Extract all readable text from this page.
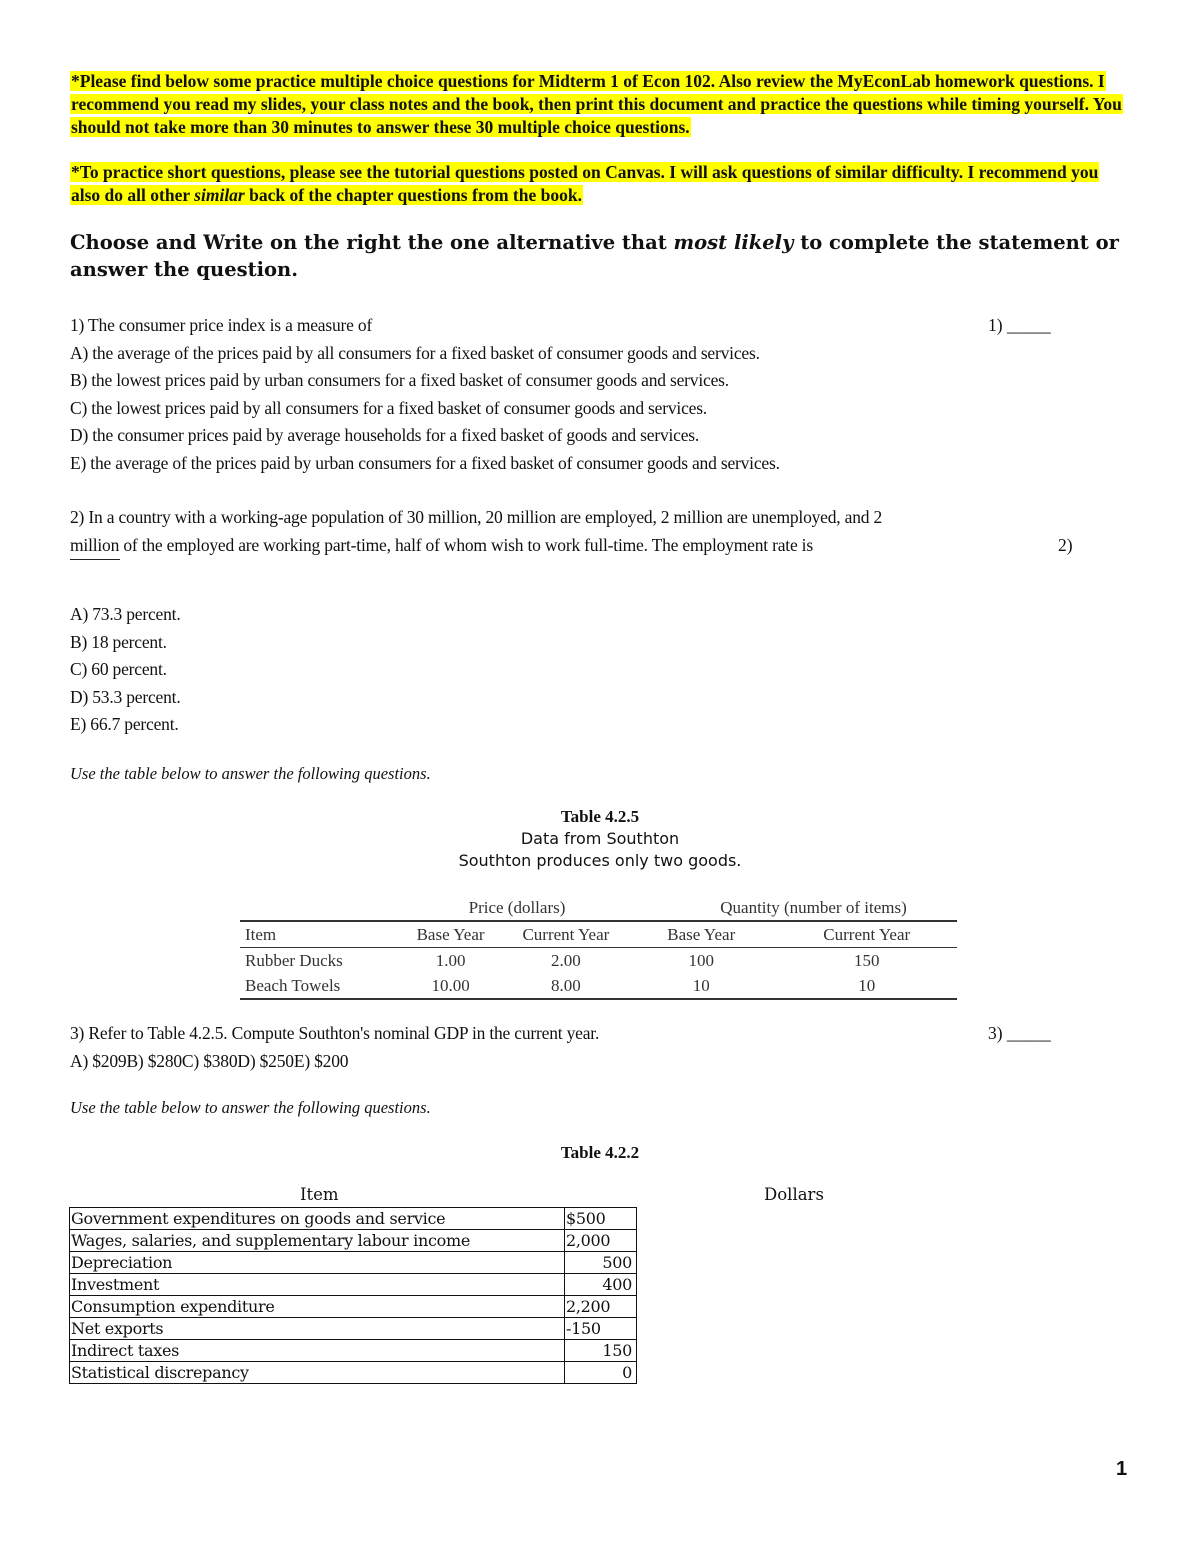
*Please find below some practice multiple choice questions for Midterm 1 of Econ 102. Also review the MyEconLab homework questions. I recommend you read my slides, your class notes and the book, then print this document and practice the questions while timing yourself. You should not take more than 30 minutes to answer these 30 multiple choice questions.
*To practice short questions, please see the tutorial questions posted on Canvas. I will ask questions of similar difficulty. I recommend you also do all other similar back of the chapter questions from the book.
Choose and Write on the right the one alternative that most likely to complete the statement or answer the question.

1) The consumer price index is a measure of

A) the average of the prices paid by all consumers for a fixed basket of consumer goods and services.

B) the lowest prices paid by urban consumers for a fixed basket of consumer goods and services.

C) the lowest prices paid by all consumers for a fixed basket of consumer goods and services.

D) the consumer prices paid by average households for a fixed basket of goods and services.

E) the average of the prices paid by urban consumers for a fixed basket of consumer goods and services.

1) _____

2) In a country with a working-age population of 30 million, 20 million are employed, 2 million are unemployed, and 2

million of the employed are working part-time, half of whom wish to work full-time. The employment rate is	2)

A) 73.3 percent.

B) 18 percent.

C) 60 percent.

D) 53.3 percent.

E) 66.7 percent.

Use the table below to answer the following questions.
Table 4.2.5
Data from Southton
Southton produces only two goods.
Price (dollars)	Quantity (number of items)
Item	Base Year	Current Year	Base Year	Current Year
Rubber Ducks	1.00	2.00	100	150
Beach Towels	10.00	8.00	10	10

3) Refer to Table 4.2.5. Compute Southton's nominal GDP in the current year.

A) $209B) $280C) $380D) $250E) $200

3) _____
Use the table below to answer the following questions.
Table 4.2.2
Item	Dollars
Government expenditures on goods and service	$500
Wages, salaries, and supplementary labour income	2,000
Depreciation	500
Investment	400
Consumption expenditure	2,200
Net exports	-150
Indirect taxes	150
Statistical discrepancy	0
1
